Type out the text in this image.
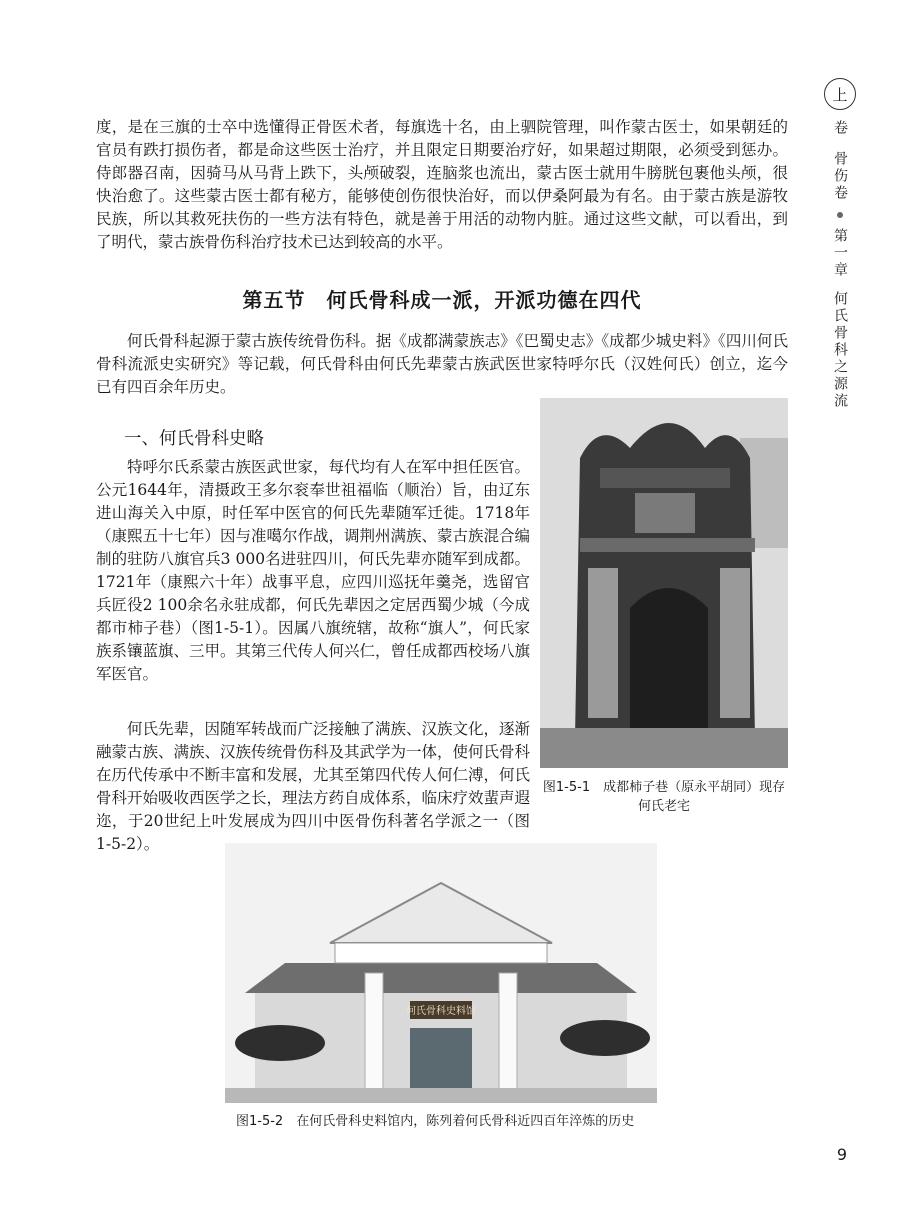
上
卷
骨伤卷
第一章
何氏骨科之源流

度，是在三旗的士卒中选懂得正骨医术者，每旗选十名，由上驷院管理，叫作蒙古医士，如果朝廷的官员有跌打损伤者，都是命这些医士治疗，并且限定日期要治疗好，如果超过期限，必须受到惩办。侍郎器召南，因骑马从马背上跌下，头颅破裂，连脑浆也流出，蒙古医士就用牛膀胱包裹他头颅，很快治愈了。这些蒙古医士都有秘方，能够使创伤很快治好，而以伊桑阿最为有名。由于蒙古族是游牧民族，所以其救死扶伤的一些方法有特色，就是善于用活的动物内脏。通过这些文献，可以看出，到了明代，蒙古族骨伤科治疗技术已达到较高的水平。

第五节　何氏骨科成一派，开派功德在四代

何氏骨科起源于蒙古族传统骨伤科。据《成都满蒙族志》《巴蜀史志》《成都少城史料》《四川何氏骨科流派史实研究》等记载，何氏骨科由何氏先辈蒙古族武医世家特呼尔氏（汉姓何氏）创立，迄今已有四百余年历史。

一、何氏骨科史略

特呼尔氏系蒙古族医武世家，每代均有人在军中担任医官。公元1644年，清摄政王多尔衮奉世祖福临（顺治）旨，由辽东进山海关入中原，时任军中医官的何氏先辈随军迁徙。1718年（康熙五十七年）因与准噶尔作战，调荆州满族、蒙古族混合编制的驻防八旗官兵3 000名进驻四川，何氏先辈亦随军到成都。1721年（康熙六十年）战事平息，应四川巡抚年羹尧，选留官兵匠役2 100余名永驻成都，何氏先辈因之定居西蜀少城（今成都市柿子巷）（图1-5-1）。因属八旗统辖，故称“旗人”，何氏家族系镶蓝旗、三甲。其第三代传人何兴仁，曾任成都西校场八旗军医官。

何氏先辈，因随军转战而广泛接触了满族、汉族文化，逐渐融蒙古族、满族、汉族传统骨伤科及其武学为一体，使何氏骨科在历代传承中不断丰富和发展，尤其至第四代传人何仁溥，何氏骨科开始吸收西医学之长，理法方药自成体系，临床疗效蜚声遐迩，于20世纪上叶发展成为四川中医骨伤科著名学派之一（图1-5-2）。

图1-5-1　成都柿子巷（原永平胡同）现存何氏老宅
何氏骨科史料馆
图1-5-2　在何氏骨科史料馆内，陈列着何氏骨科近四百年淬炼的历史
9
